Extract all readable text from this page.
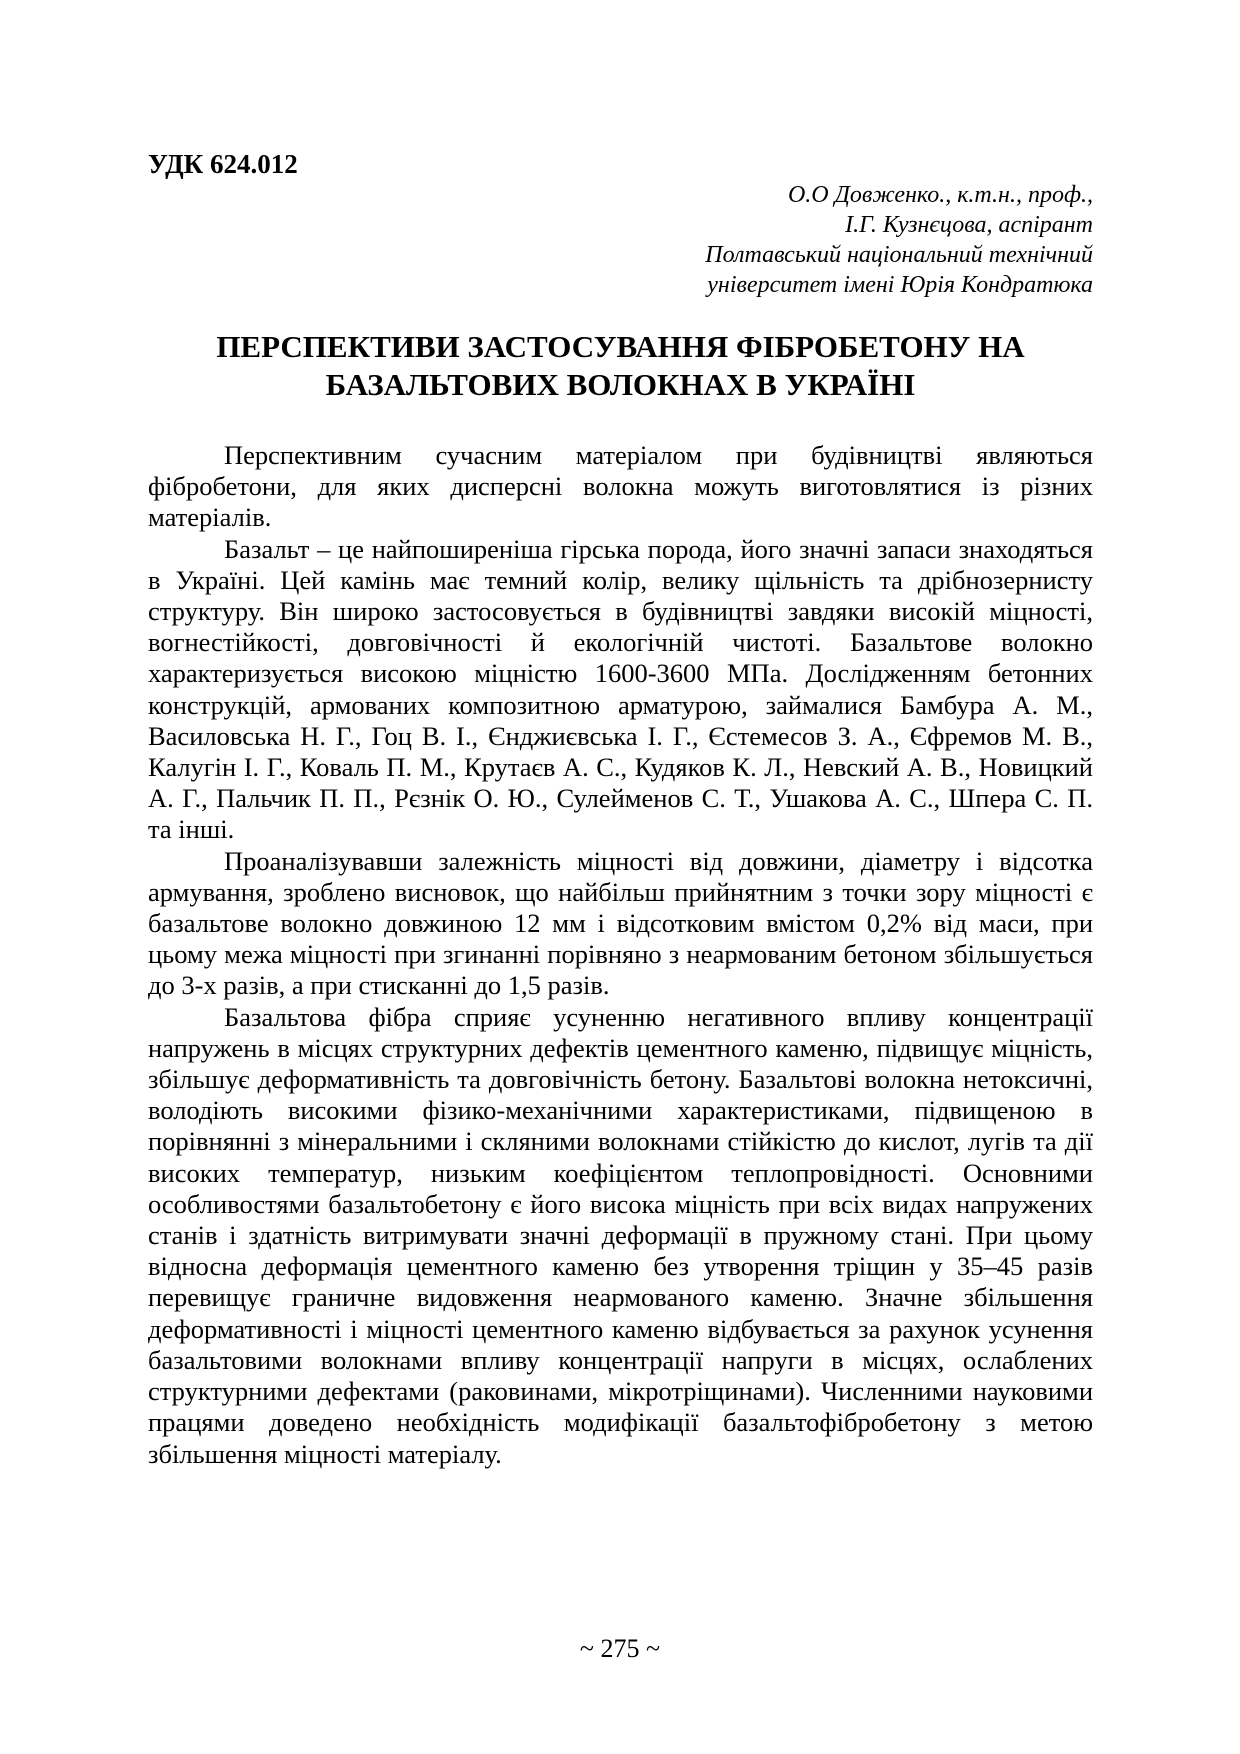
УДК 624.012
О.О Довженко., к.т.н., проф.,
І.Г. Кузнєцова, аспірант
Полтавський національний технічний
університет імені Юрія Кондратюка
ПЕРСПЕКТИВИ ЗАСТОСУВАННЯ ФІБРОБЕТОНУ НА
БАЗАЛЬТОВИХ ВОЛОКНАХ В УКРАЇНІ

Перспективним сучасним матеріалом при будівництві являються фібробетони, для яких дисперсні волокна можуть виготовлятися із різних матеріалів.

Базальт – це найпоширеніша гірська порода, його значні запаси знаходяться в Україні. Цей камінь має темний колір, велику щільність та дрібнозернисту структуру. Він широко застосовується в будівництві завдяки високій міцності, вогнестійкості, довговічності й екологічній чистоті. Базальтове волокно характеризується високою міцністю 1600-3600 МПа. Дослідженням бетонних конструкцій, армованих композитною арматурою, займалися Бамбура А. М., Василовська Н. Г., Гоц В. І., Єнджиєвська І. Г., Єстемесов З. А., Єфремов М. В., Калугін І. Г., Коваль П. М., Крутаєв А. С., Кудяков К. Л., Невский А. В., Новицкий А. Г., Пальчик П. П., Рєзнік О. Ю., Сулейменов С. Т., Ушакова А. С., Шпера С. П. та інші.

Проаналізувавши залежність міцності від довжини, діаметру і відсотка армування, зроблено висновок, що найбільш прийнятним з точки зору міцності є базальтове волокно довжиною 12 мм і відсотковим вмістом 0,2% від маси, при цьому межа міцності при згинанні порівняно з неармованим бетоном збільшується до 3-х разів, а при стисканні до 1,5 разів.

Базальтова фібра сприяє усуненню негативного впливу концентрації напружень в місцях структурних дефектів цементного каменю, підвищує міцність, збільшує деформативність та довговічність бетону. Базальтові волокна нетоксичні, володіють високими фізико-механічними характеристиками, підвищеною в порівнянні з мінеральними і скляними волокнами стійкістю до кислот, лугів та дії високих температур, низьким коефіцієнтом теплопровідності. Основними особливостями базальтобетону є його висока міцність при всіх видах напружених станів і здатність витримувати значні деформації в пружному стані. При цьому відносна деформація цементного каменю без утворення тріщин у 35–45 разів перевищує граничне видовження неармованого каменю. Значне збільшення деформативності і міцності цементного каменю відбувається за рахунок усунення базальтовими волокнами впливу концентрації напруги в місцях, ослаблених структурними дефектами (раковинами, мікротріщинами). Численними науковими працями доведено необхідність модифікації базальтофібробетону з метою збільшення міцності матеріалу.

~ 275 ~
